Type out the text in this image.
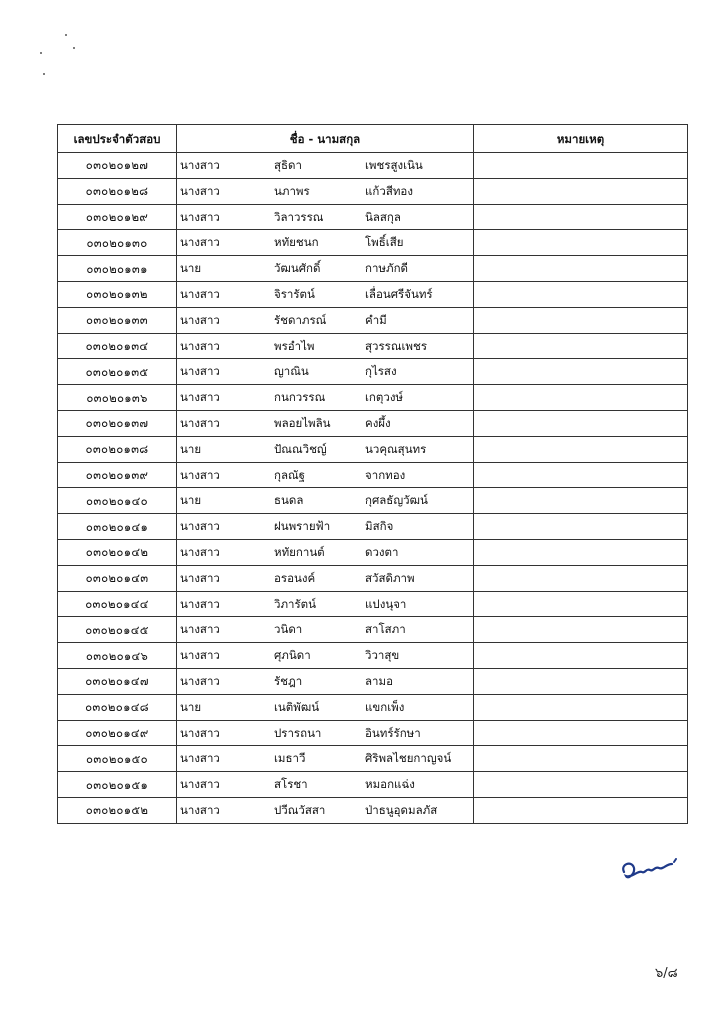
เลขประจำตัวสอบ	ชื่อ - นามสกุล	หมายเหตุ
๐๓๐๒๐๑๒๗	นางสาว สุธิดา เพชรสูงเนิน	

๐๓๐๒๐๑๒๘	นางสาว นภาพร แก้วสีทอง	

๐๓๐๒๐๑๒๙	นางสาว วิลาวรรณ นิลสกุล	

๐๓๐๒๐๑๓๐	นางสาว หทัยชนก โพธิ์เสีย	

๐๓๐๒๐๑๓๑	นาย วัฒนศักดิ์ กาษภักดี	

๐๓๐๒๐๑๓๒	นางสาว จิรารัตน์ เลื่อนศรีจันทร์	

๐๓๐๒๐๑๓๓	นางสาว รัชดาภรณ์ คำมี	

๐๓๐๒๐๑๓๔	นางสาว พรอำไพ สุวรรณเพชร	

๐๓๐๒๐๑๓๕	นางสาว ญาณิน กุไรสง	

๐๓๐๒๐๑๓๖	นางสาว กนกวรรณ เกตุวงษ์	

๐๓๐๒๐๑๓๗	นางสาว พลอยไพลิน คงผึ้ง	

๐๓๐๒๐๑๓๘	นาย ปัณณวิชญ์ นวคุณสุนทร	

๐๓๐๒๐๑๓๙	นางสาว กุลณัฐ จากทอง	

๐๓๐๒๐๑๔๐	นาย ธนดล กุศลธัญวัฒน์	

๐๓๐๒๐๑๔๑	นางสาว ฝนพรายฟ้า มิสกิจ	

๐๓๐๒๐๑๔๒	นางสาว หทัยกานต์ ดวงตา	

๐๓๐๒๐๑๔๓	นางสาว อรอนงค์ สวัสดิภาพ	

๐๓๐๒๐๑๔๔	นางสาว วิภารัตน์ แปงนุจา	

๐๓๐๒๐๑๔๕	นางสาว วนิดา สาโสภา	

๐๓๐๒๐๑๔๖	นางสาว ศุภนิดา วิวาสุข	

๐๓๐๒๐๑๔๗	นางสาว รัชฎา ลามอ	

๐๓๐๒๐๑๔๘	นาย เนติพัฒน์ แขกเพ็ง	

๐๓๐๒๐๑๔๙	นางสาว ปรารถนา อินทร์รักษา	

๐๓๐๒๐๑๕๐	นางสาว เมธาวี ศิริพลไชยกาญจน์	

๐๓๐๒๐๑๕๑	นางสาว สโรชา หมอกแฉ่ง	

๐๓๐๒๐๑๕๒	นางสาว ปวีณวัสสา ป่าธนูอุดมลภัส	

๖/๘
